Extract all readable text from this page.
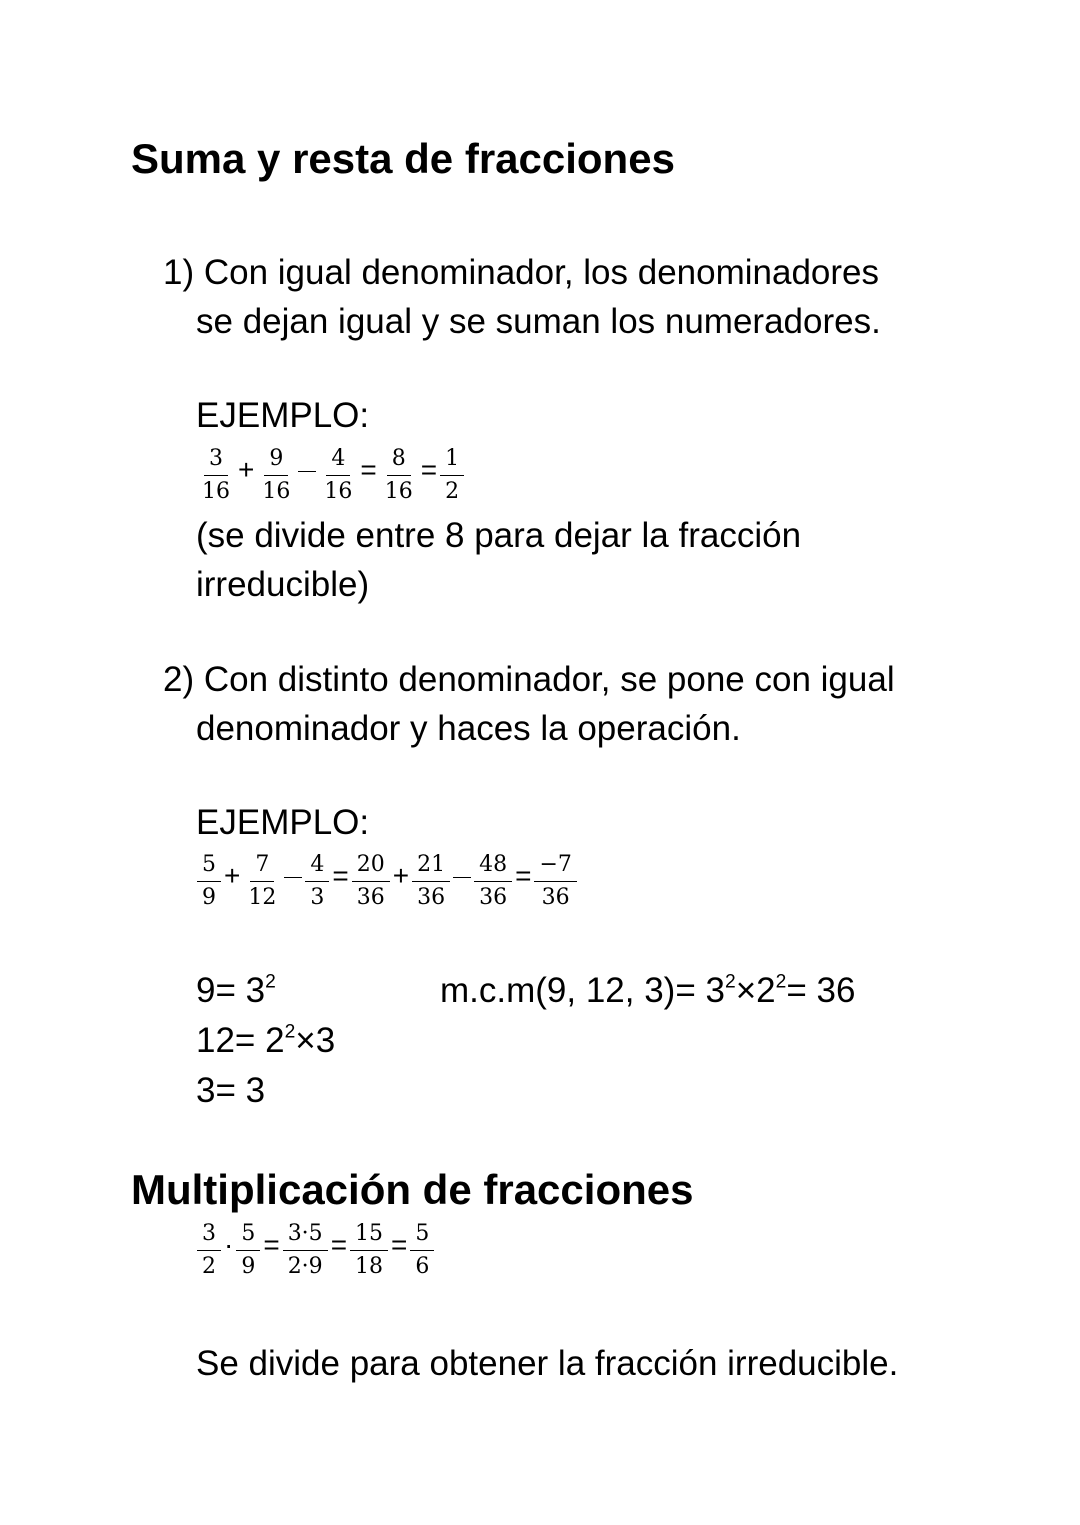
Suma y resta de fracciones
1) Con igual denominador, los denominadores
se dejan igual y se suman los numeradores.
EJEMPLO:
$\frac{3}{16} + \frac{9}{16} \frac{4}{16} = \frac{8}{16} = \frac{1}{2}$
(se divide entre 8 para dejar la fracción
irreducible)
2) Con distinto denominador, se pone con igual
denominador y haces la operación.
EJEMPLO:
$\frac{5}{9} + \frac{7}{12} \frac{4}{3} = \frac{20}{36} + \frac{21}{36} \frac{48}{36} = \frac{-7}{36}$
$9= 3^2$
$12= 2^2\times 3$
3= 3
m.c.m(9, 12, $3)= 3^2\times 2^2= 36$
Multiplicación de fracciones
$\frac{3}{2} \cdot \frac{5}{9} = \frac{3\cdot 5}{2\cdot 9} = \frac{15}{18} = \frac{5}{6}$
Se divide para obtener la fracción irreducible.
